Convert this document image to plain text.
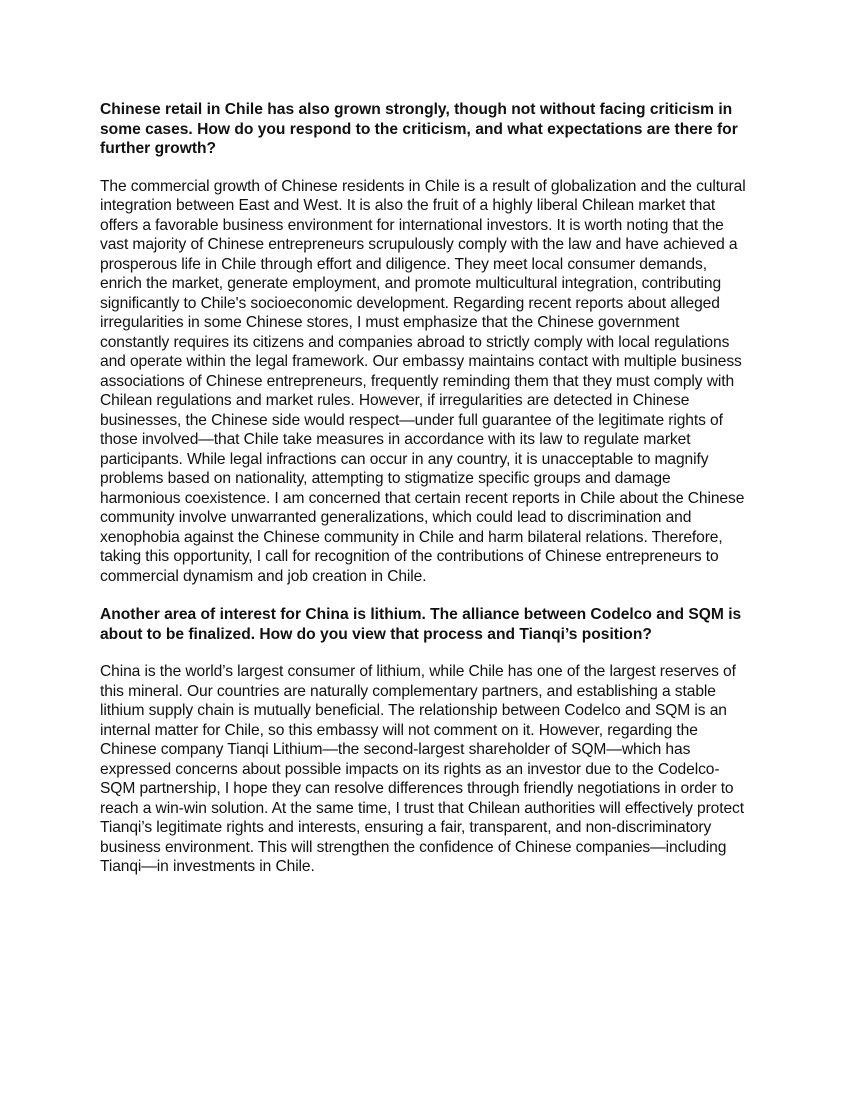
Chinese retail in Chile has also grown strongly, though not without facing criticism in some cases. How do you respond to the criticism, and what expectations are there for further growth?

The commercial growth of Chinese residents in Chile is a result of globalization and the cultural integration between East and West. It is also the fruit of a highly liberal Chilean market that offers a favorable business environment for international investors. It is worth noting that the vast majority of Chinese entrepreneurs scrupulously comply with the law and have achieved a prosperous life in Chile through effort and diligence. They meet local consumer demands, enrich the market, generate employment, and promote multicultural integration, contributing significantly to Chile's socioeconomic development. Regarding recent reports about alleged irregularities in some Chinese stores, I must emphasize that the Chinese government constantly requires its citizens and companies abroad to strictly comply with local regulations and operate within the legal framework. Our embassy maintains contact with multiple business associations of Chinese entrepreneurs, frequently reminding them that they must comply with Chilean regulations and market rules. However, if irregularities are detected in Chinese businesses, the Chinese side would respect—under full guarantee of the legitimate rights of those involved—that Chile take measures in accordance with its law to regulate market participants. While legal infractions can occur in any country, it is unacceptable to magnify problems based on nationality, attempting to stigmatize specific groups and damage harmonious coexistence. I am concerned that certain recent reports in Chile about the Chinese community involve unwarranted generalizations, which could lead to discrimination and xenophobia against the Chinese community in Chile and harm bilateral relations. Therefore, taking this opportunity, I call for recognition of the contributions of Chinese entrepreneurs to commercial dynamism and job creation in Chile.

Another area of interest for China is lithium. The alliance between Codelco and SQM is about to be finalized. How do you view that process and Tianqi’s position?

China is the world’s largest consumer of lithium, while Chile has one of the largest reserves of this mineral. Our countries are naturally complementary partners, and establishing a stable lithium supply chain is mutually beneficial. The relationship between Codelco and SQM is an internal matter for Chile, so this embassy will not comment on it. However, regarding the Chinese company Tianqi Lithium—the second-largest shareholder of SQM—which has expressed concerns about possible impacts on its rights as an investor due to the Codelco-SQM partnership, I hope they can resolve differences through friendly negotiations in order to reach a win-win solution. At the same time, I trust that Chilean authorities will effectively protect Tianqi’s legitimate rights and interests, ensuring a fair, transparent, and non-discriminatory business environment. This will strengthen the confidence of Chinese companies—including Tianqi—in investments in Chile.
